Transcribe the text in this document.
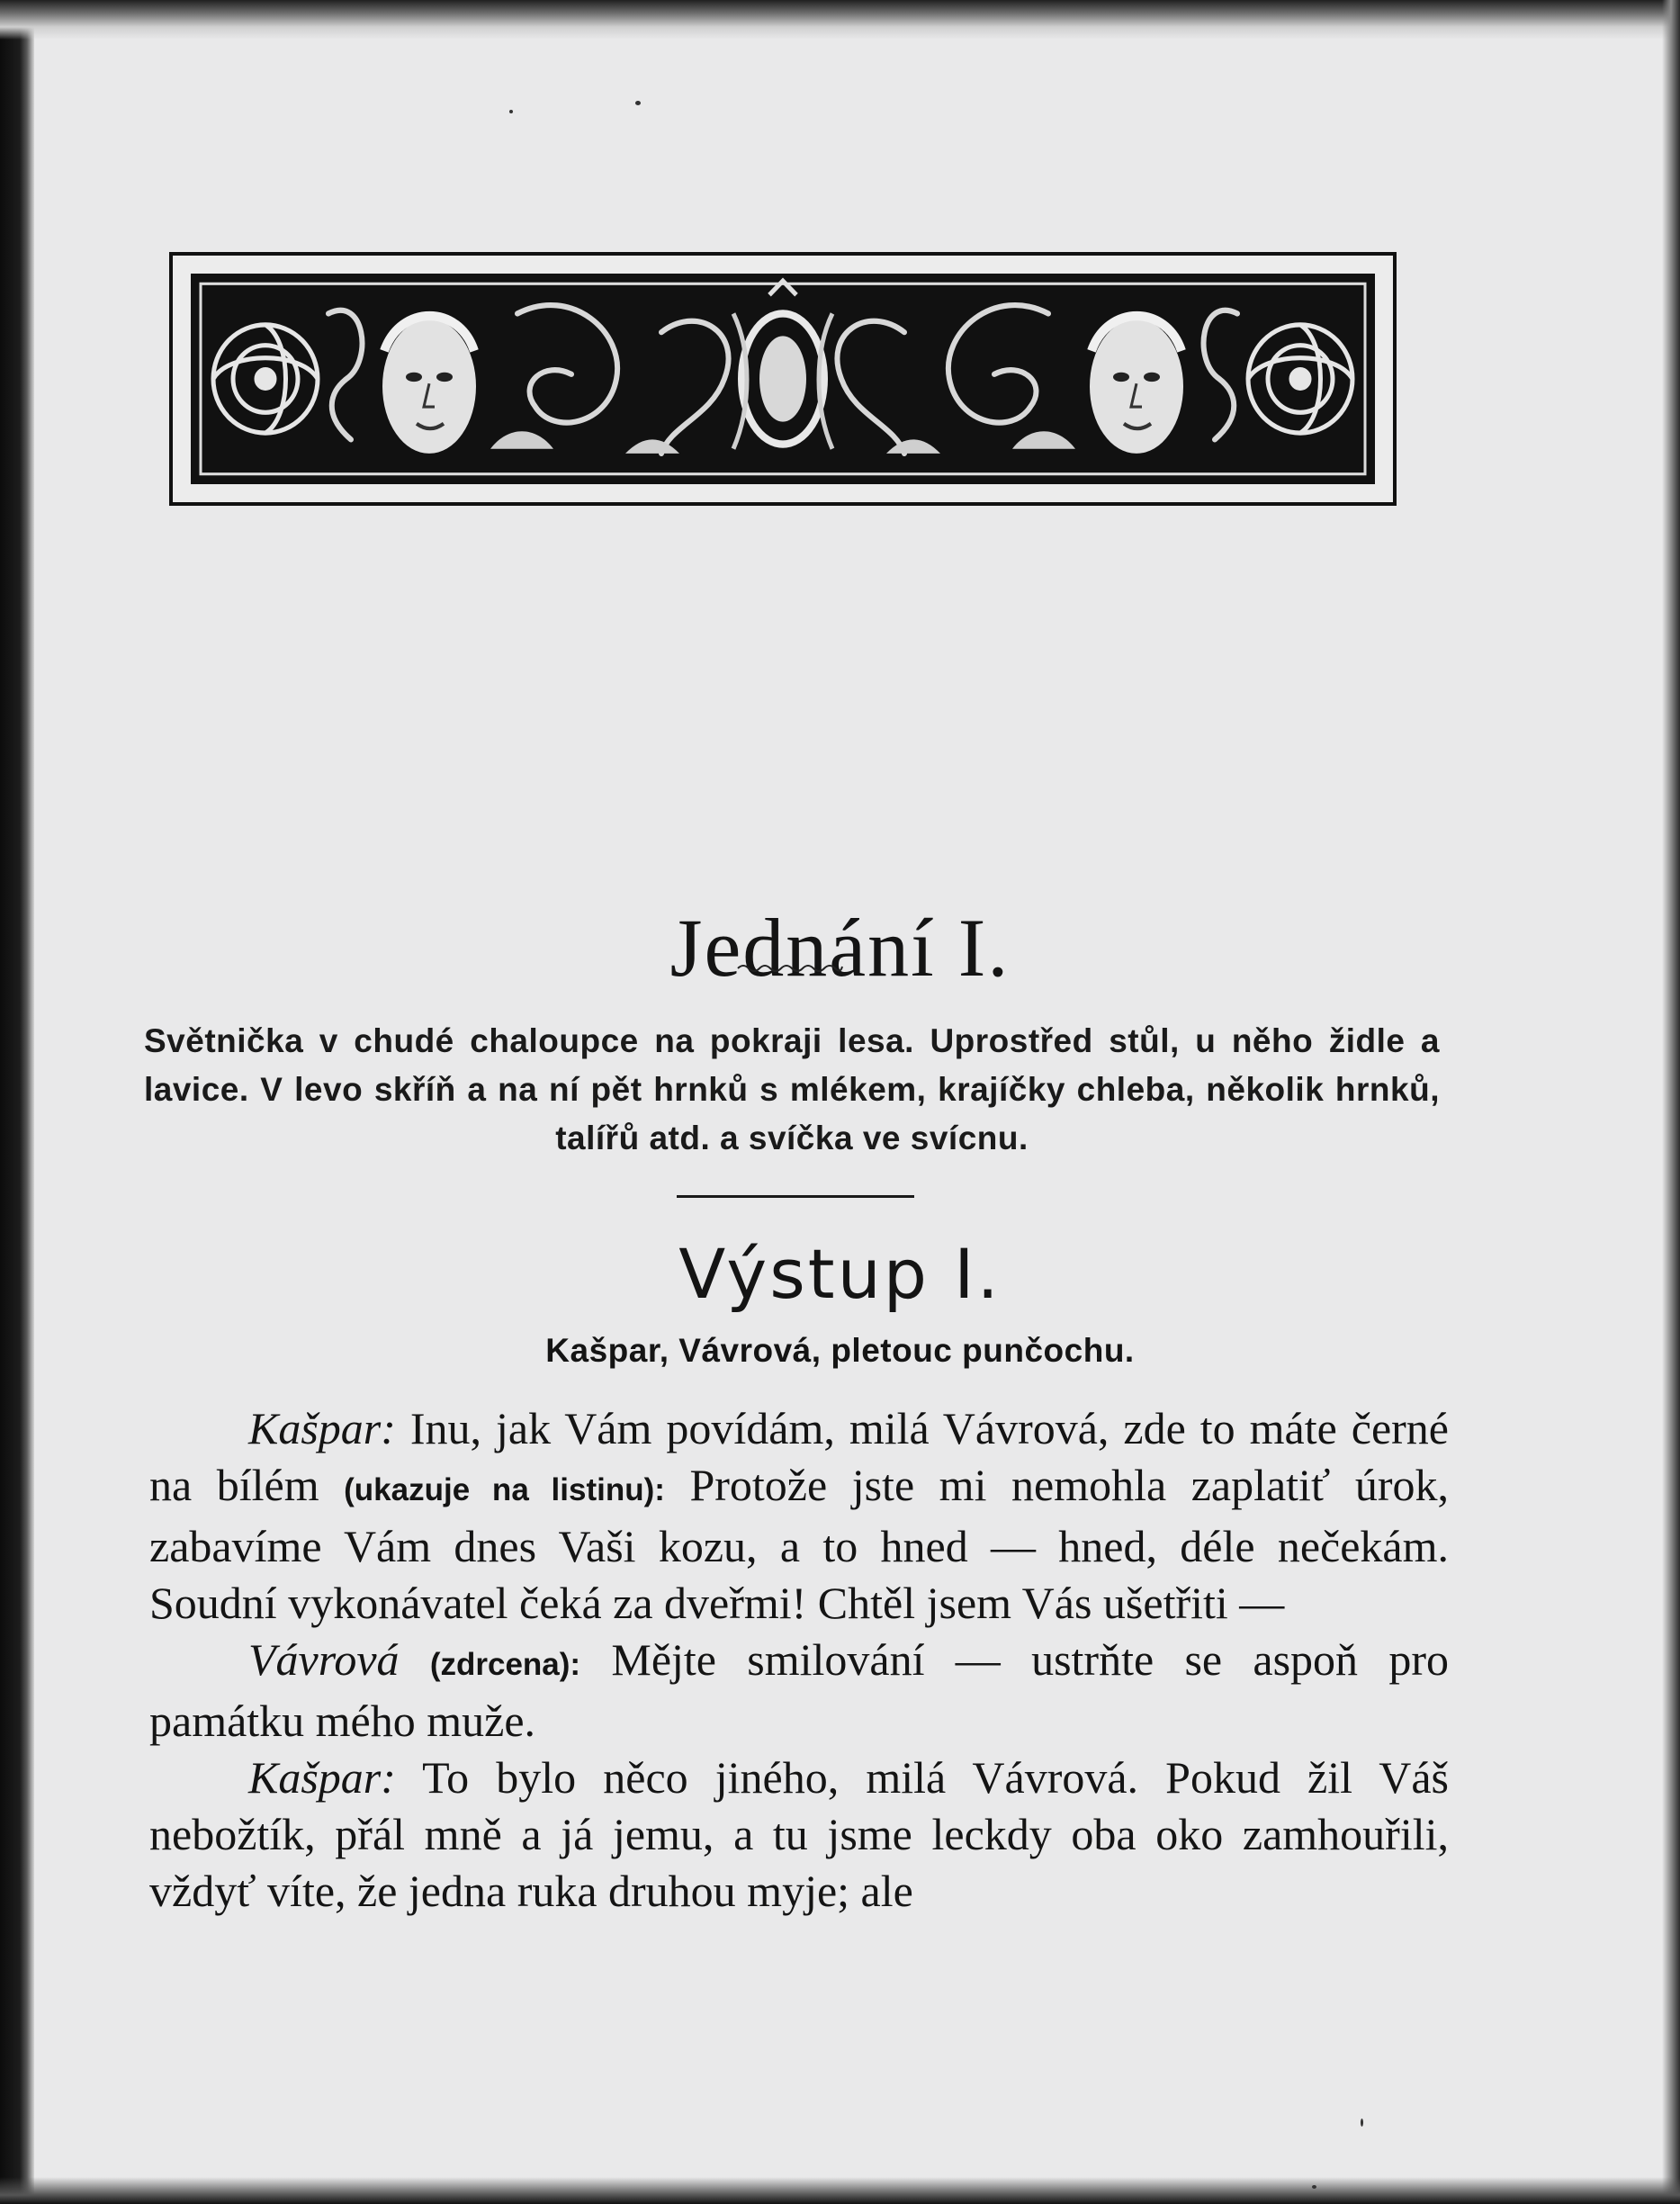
Jednání I.
Světnička v chudé chaloupce na pokraji lesa. Uprostřed stůl, u něho židle a lavice. V levo skříň a na ní pět hrnků s mlékem, krajíčky chleba, několik hrnků, talířů atd. a svíčka ve svícnu.
Výstup I.
Kašpar, Vávrová, pletouc punčochu.

Kašpar: Inu, jak Vám povídám, milá Vávrová, zde to máte černé na bílém (ukazuje na listinu): Protože jste mi nemohla zaplatiť úrok, zabavíme Vám dnes Vaši kozu, a to hned — hned, déle nečekám. Soudní vykonávatel čeká za dveřmi! Chtěl jsem Vás ušetřiti —

Vávrová (zdrcena): Mějte smilování — ustrňte se aspoň pro památku mého muže.

Kašpar: To bylo něco jiného, milá Vávrová. Pokud žil Váš nebožtík, přál mně a já jemu, a tu jsme leckdy oba oko zamhouřili, vždyť víte, že jedna ruka druhou myje; ale
